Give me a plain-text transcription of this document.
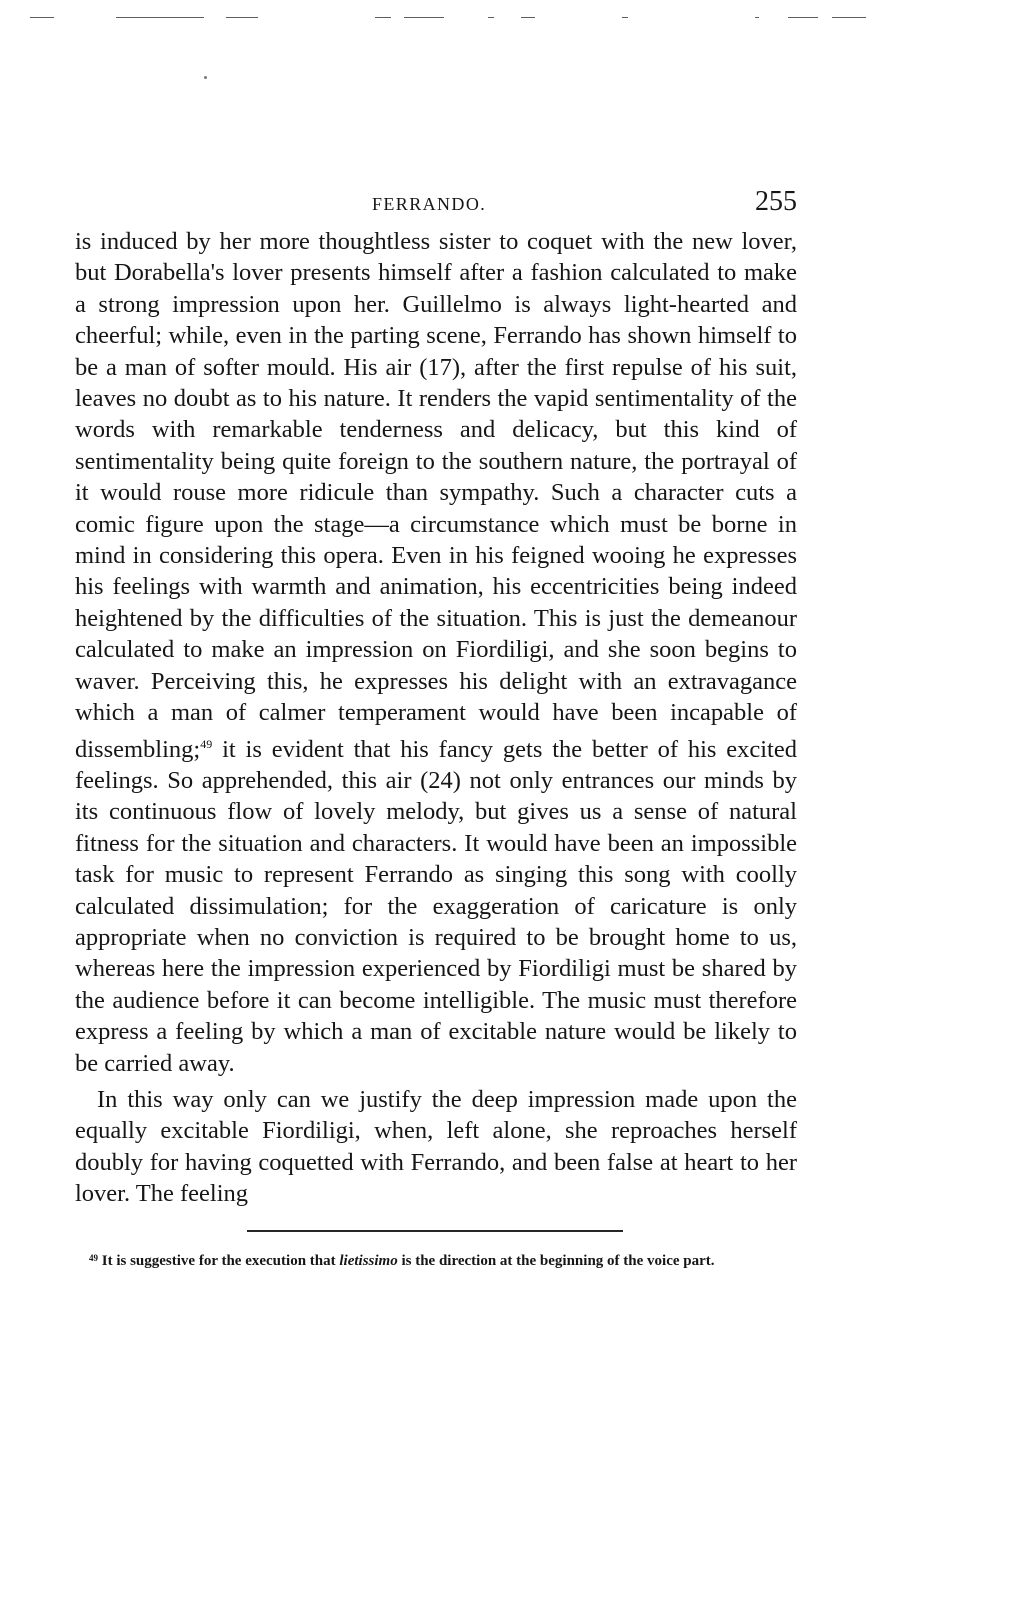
FERRANDO.	255

is induced by her more thoughtless sister to coquet with the new lover, but Dorabella's lover presents himself after a fashion calculated to make a strong impression upon her. Guillelmo is always light-hearted and cheerful; while, even in the parting scene, Ferrando has shown himself to be a man of softer mould. His air (17), after the first repulse of his suit, leaves no doubt as to his nature. It renders the vapid sentimentality of the words with remarkable tenderness and delicacy, but this kind of sentimentality being quite foreign to the southern nature, the portrayal of it would rouse more ridicule than sympathy. Such a character cuts a comic figure upon the stage—a circumstance which must be borne in mind in considering this opera. Even in his feigned wooing he expresses his feelings with warmth and animation, his eccentricities being indeed heightened by the difficulties of the situation. This is just the demeanour calculated to make an impression on Fiordiligi, and she soon begins to waver. Perceiving this, he expresses his delight with an extravagance which a man of calmer temperament would have been incapable of dissembling;$^{49}$ it is evident that his fancy gets the better of his excited feelings. So apprehended, this air (24) not only entrances our minds by its continuous flow of lovely melody, but gives us a sense of natural fitness for the situation and characters. It would have been an impossible task for music to represent Ferrando as singing this song with coolly calculated dissimulation; for the exaggeration of caricature is only appropriate when no conviction is required to be brought home to us, whereas here the impression experienced by Fiordiligi must be shared by the audience before it can become intelligible. The music must therefore express a feeling by which a man of excitable nature would be likely to be carried away.

In this way only can we justify the deep impression made upon the equally excitable Fiordiligi, when, left alone, she reproaches herself doubly for having coquetted with Ferrando, and been false at heart to her lover. The feeling

$^{49}$ It is suggestive for the execution that lietissimo is the direction at the beginning of the voice part.
